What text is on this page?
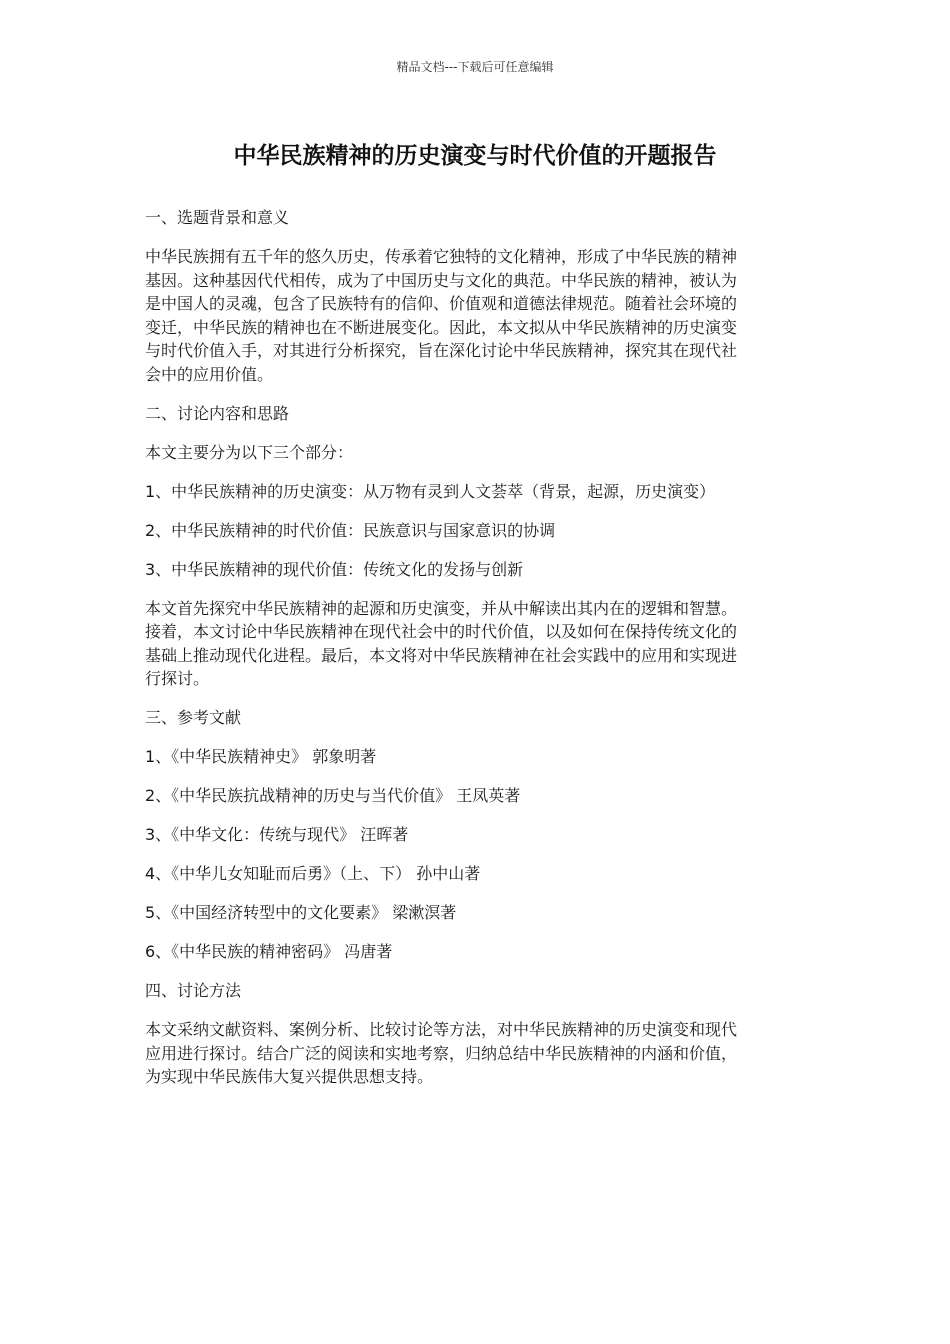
精品文档---下载后可任意编辑
中华民族精神的历史演变与时代价值的开题报告
一、选题背景和意义
中华民族拥有五千年的悠久历史，传承着它独特的文化精神，形成了中华民族的精神
基因。这种基因代代相传，成为了中国历史与文化的典范。中华民族的精神，被认为
是中国人的灵魂，包含了民族特有的信仰、价值观和道德法律规范。随着社会环境的
变迁，中华民族的精神也在不断进展变化。因此，本文拟从中华民族精神的历史演变
与时代价值入手，对其进行分析探究，旨在深化讨论中华民族精神，探究其在现代社
会中的应用价值。
二、讨论内容和思路
本文主要分为以下三个部分：
1、中华民族精神的历史演变：从万物有灵到人文荟萃（背景，起源，历史演变）
2、中华民族精神的时代价值：民族意识与国家意识的协调
3、中华民族精神的现代价值：传统文化的发扬与创新
本文首先探究中华民族精神的起源和历史演变，并从中解读出其内在的逻辑和智慧。
接着，本文讨论中华民族精神在现代社会中的时代价值，以及如何在保持传统文化的
基础上推动现代化进程。最后，本文将对中华民族精神在社会实践中的应用和实现进
行探讨。
三、参考文献
1、《中华民族精神史》 郭象明著
2、《中华民族抗战精神的历史与当代价值》 王凤英著
3、《中华文化：传统与现代》 汪晖著
4、《中华儿女知耻而后勇》（上、下） 孙中山著
5、《中国经济转型中的文化要素》 梁漱溟著
6、《中华民族的精神密码》 冯唐著
四、讨论方法
本文采纳文献资料、案例分析、比较讨论等方法，对中华民族精神的历史演变和现代
应用进行探讨。结合广泛的阅读和实地考察，归纳总结中华民族精神的内涵和价值，
为实现中华民族伟大复兴提供思想支持。
